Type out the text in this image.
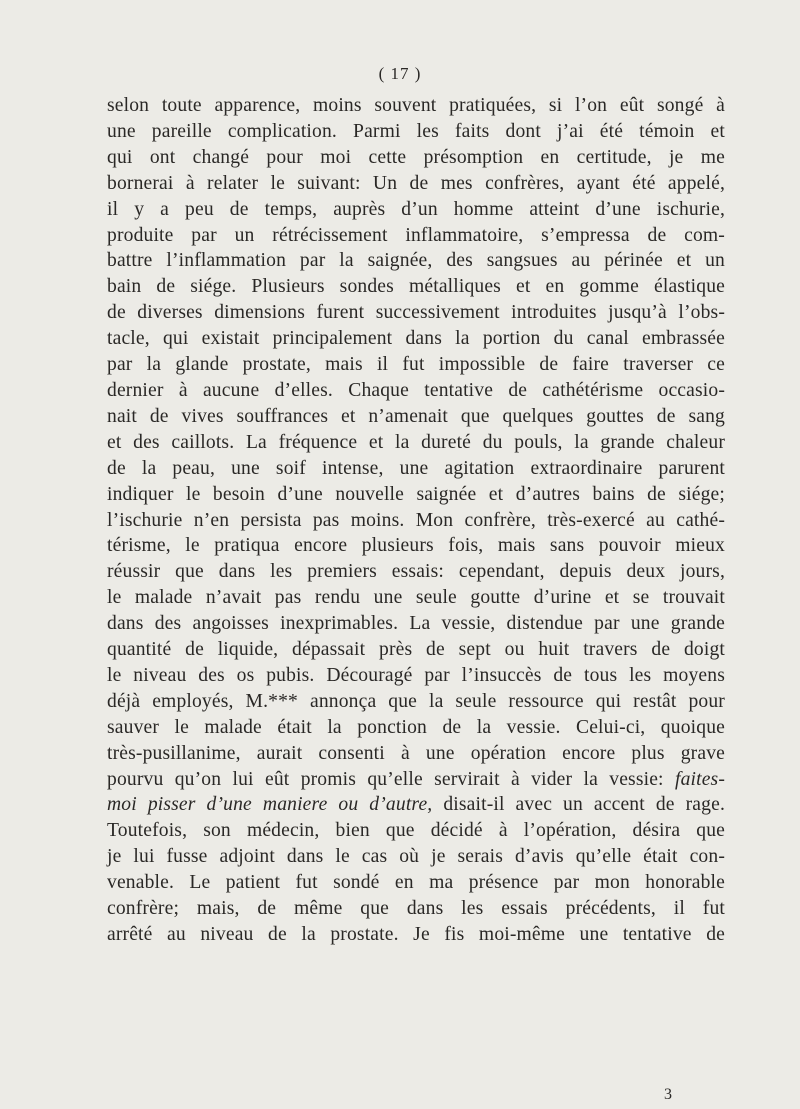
( 17 )
selon toute apparence, moins souvent pratiquées, si l’on eût songé à
une pareille complication. Parmi les faits dont j’ai été témoin et
qui ont changé pour moi cette présomption en certitude, je me
bornerai à relater le suivant: Un de mes confrères, ayant été appelé,
il y a peu de temps, auprès d’un homme atteint d’une ischurie,
produite par un rétrécissement inflammatoire, s’empressa de com-
battre l’inflammation par la saignée, des sangsues au périnée et un
bain de siége. Plusieurs sondes métalliques et en gomme élastique
de diverses dimensions furent successivement introduites jusqu’à l’obs-
tacle, qui existait principalement dans la portion du canal embrassée
par la glande prostate, mais il fut impossible de faire traverser ce
dernier à aucune d’elles. Chaque tentative de cathétérisme occasio-
nait de vives souffrances et n’amenait que quelques gouttes de sang
et des caillots. La fréquence et la dureté du pouls, la grande chaleur
de la peau, une soif intense, une agitation extraordinaire parurent
indiquer le besoin d’une nouvelle saignée et d’autres bains de siége;
l’ischurie n’en persista pas moins. Mon confrère, très-exercé au cathé-
térisme, le pratiqua encore plusieurs fois, mais sans pouvoir mieux
réussir que dans les premiers essais: cependant, depuis deux jours,
le malade n’avait pas rendu une seule goutte d’urine et se trouvait
dans des angoisses inexprimables. La vessie, distendue par une grande
quantité de liquide, dépassait près de sept ou huit travers de doigt
le niveau des os pubis. Découragé par l’insuccès de tous les moyens
déjà employés, M.*** annonça que la seule ressource qui restât pour
sauver le malade était la ponction de la vessie. Celui-ci, quoique
très-pusillanime, aurait consenti à une opération encore plus grave
pourvu qu’on lui eût promis qu’elle servirait à vider la vessie: faites-
moi pisser d’une maniere ou d’autre, disait-il avec un accent de rage.
Toutefois, son médecin, bien que décidé à l’opération, désira que
je lui fusse adjoint dans le cas où je serais d’avis qu’elle était con-
venable. Le patient fut sondé en ma présence par mon honorable
confrère; mais, de même que dans les essais précédents, il fut
arrêté au niveau de la prostate. Je fis moi-même une tentative de
3
